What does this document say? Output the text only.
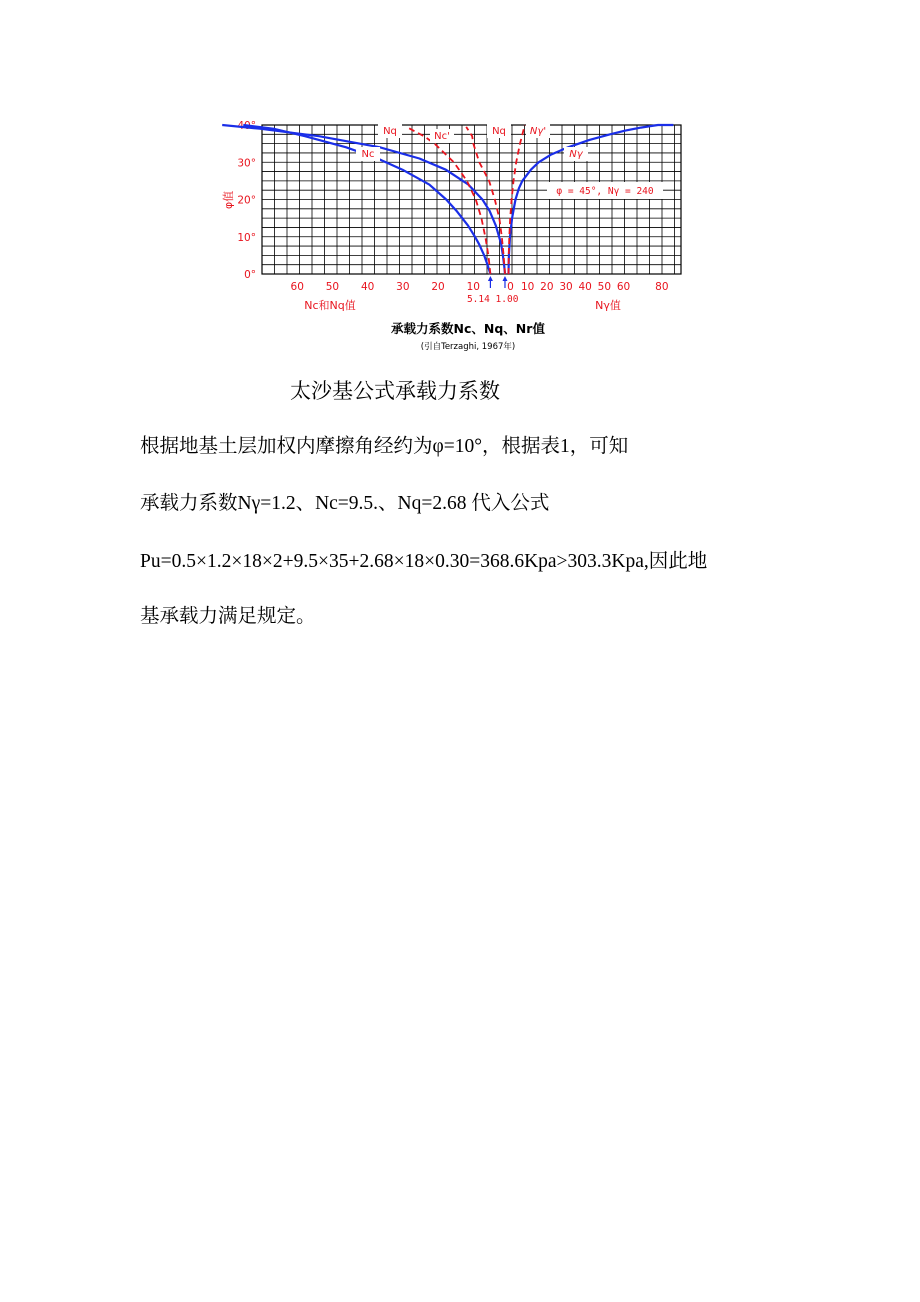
0°
10°
20°
30°
40°
φ值
60 50 40 30 20 10	0 10 20 30 40 50 60 80
Nc和Nq值	Nγ值
5.14 1.00
Nq
Nc
Nc'	Nq Nγ'
Nγ
φ = 45°, Nγ = 240
承载力系数Nc、Nq、Nr值
(引自Terzaghi, 1967年)
太沙基公式承载力系数
根据地基土层加权内摩擦角经约为φ=10°，根据表1，可知
承载力系数Nγ=1.2、Nc=9.5.、Nq=2.68 代入公式
Pu=0.5×1.2×18×2+9.5×35+2.68×18×0.30=368.6Kpa>303.3Kpa,因此地
基承载力满足规定。
